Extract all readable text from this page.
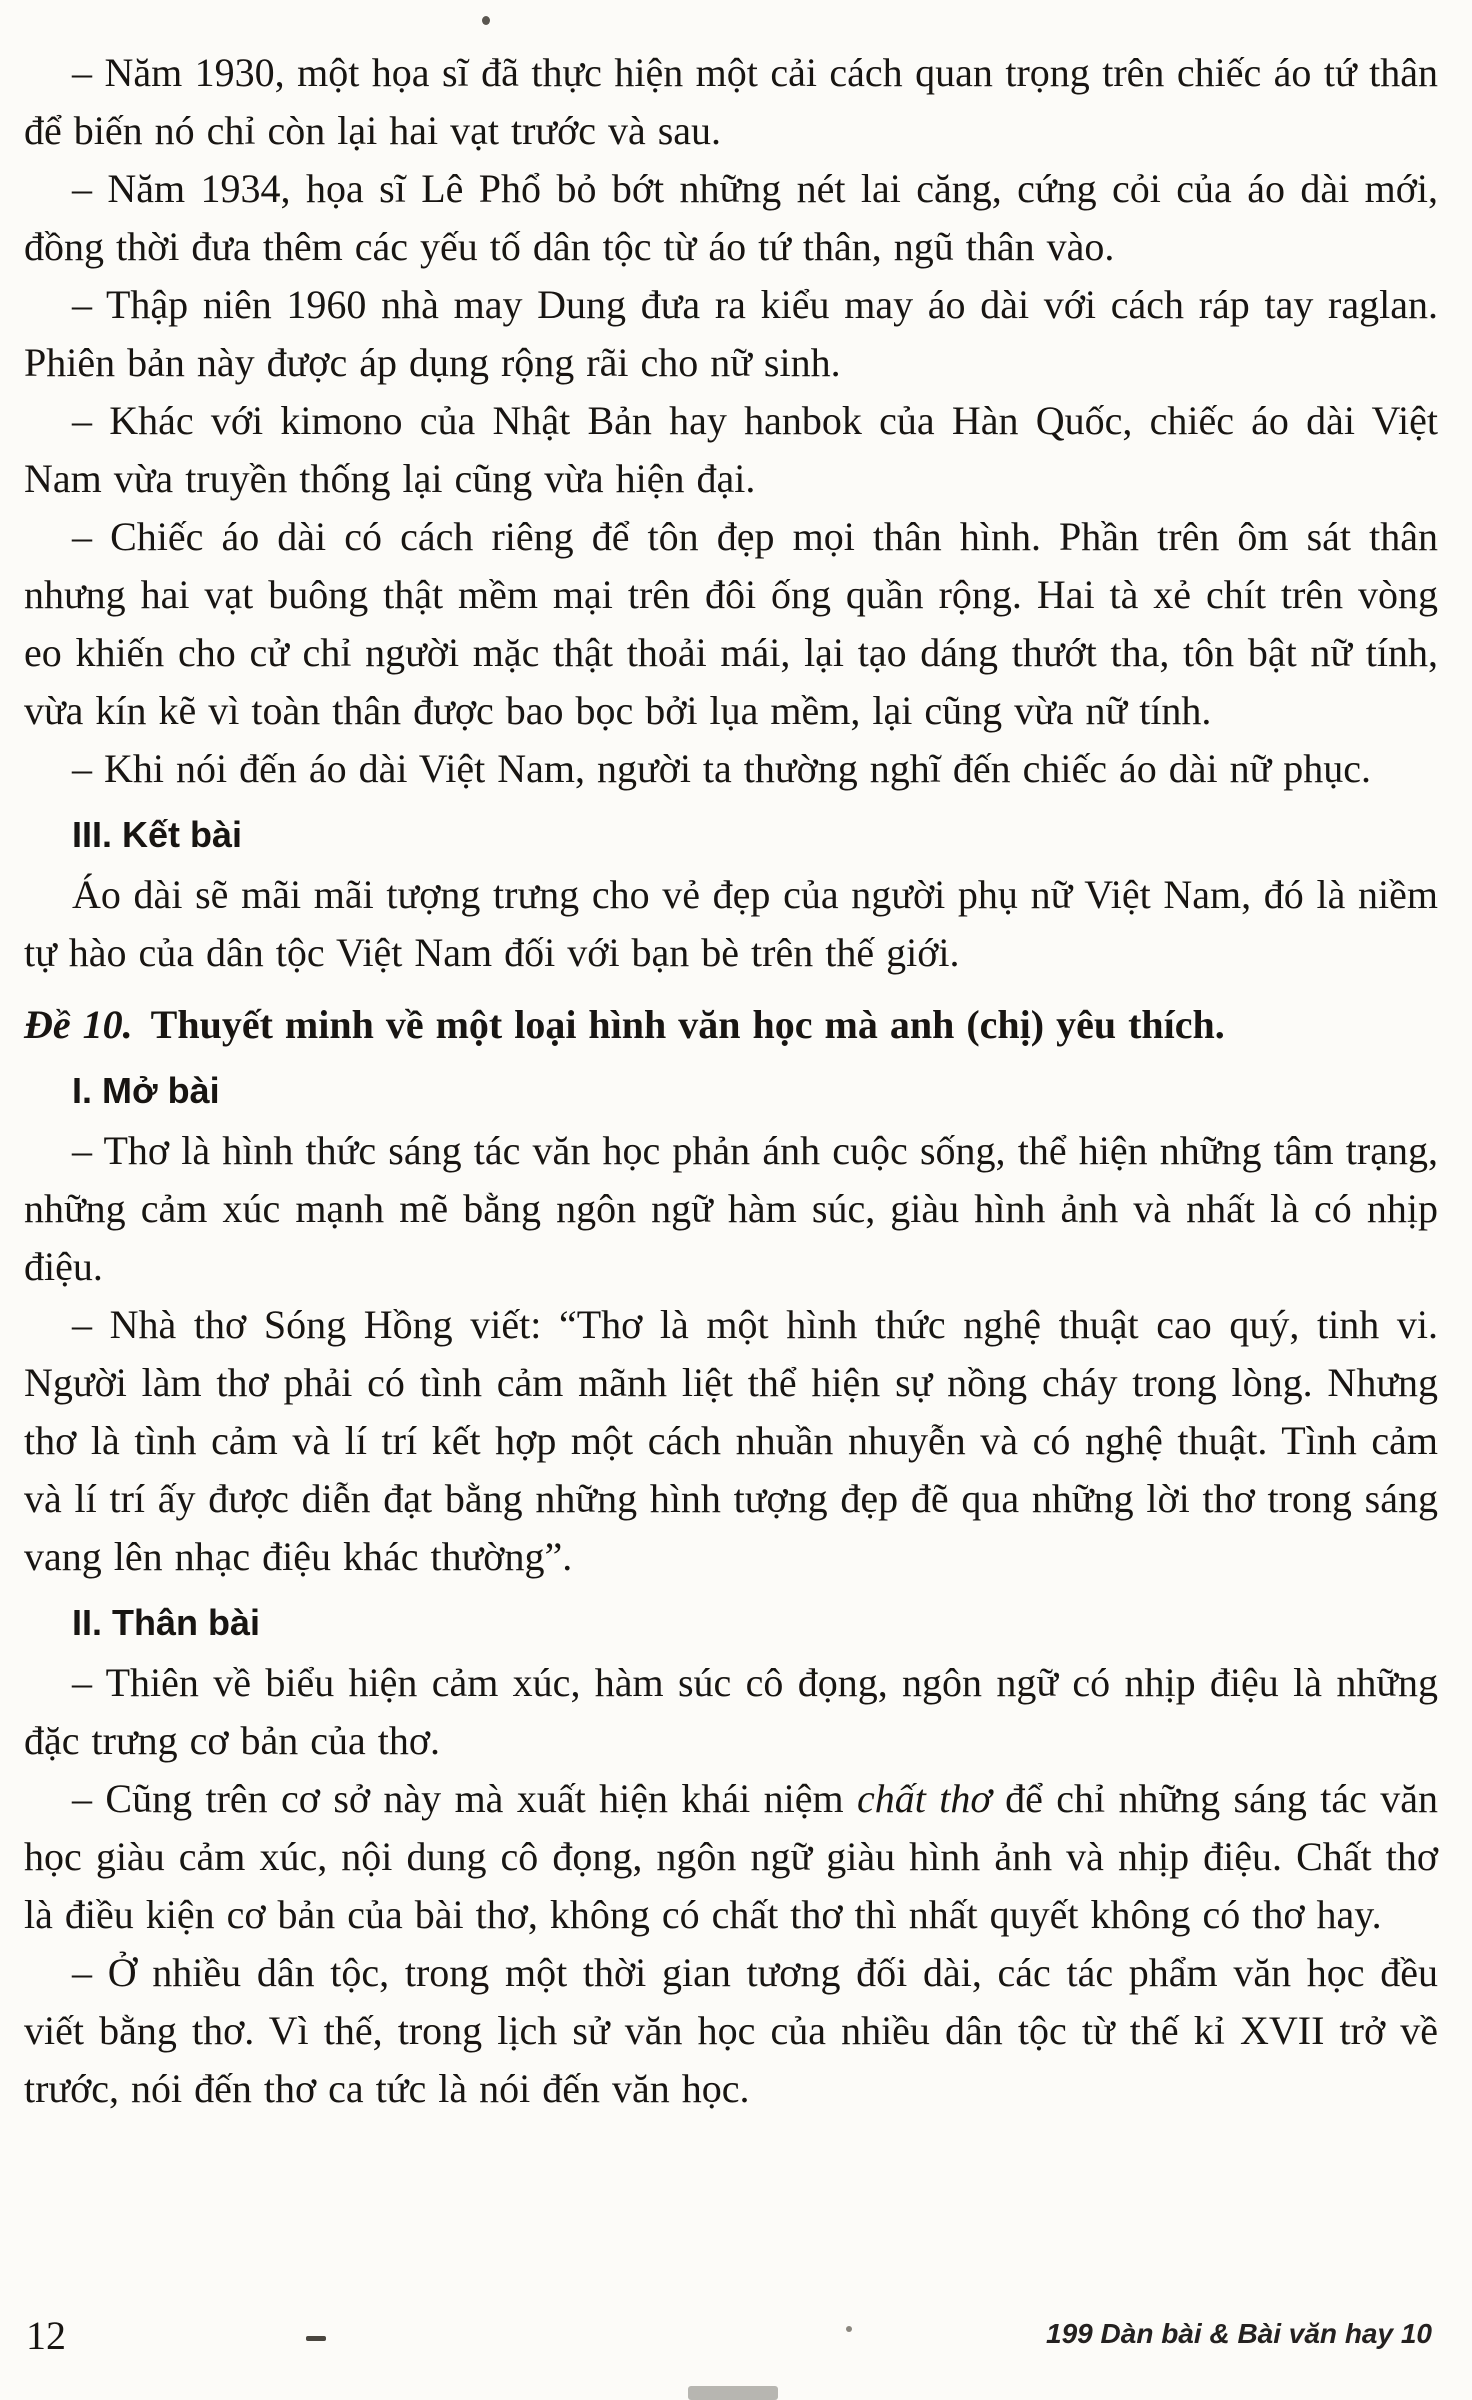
– Năm 1930, một họa sĩ đã thực hiện một cải cách quan trọng trên chiếc áo tứ thân để biến nó chỉ còn lại hai vạt trước và sau.

– Năm 1934, họa sĩ Lê Phổ bỏ bớt những nét lai căng, cứng cỏi của áo dài mới, đồng thời đưa thêm các yếu tố dân tộc từ áo tứ thân, ngũ thân vào.

– Thập niên 1960 nhà may Dung đưa ra kiểu may áo dài với cách ráp tay raglan. Phiên bản này được áp dụng rộng rãi cho nữ sinh.

– Khác với kimono của Nhật Bản hay hanbok của Hàn Quốc, chiếc áo dài Việt Nam vừa truyền thống lại cũng vừa hiện đại.

– Chiếc áo dài có cách riêng để tôn đẹp mọi thân hình. Phần trên ôm sát thân nhưng hai vạt buông thật mềm mại trên đôi ống quần rộng. Hai tà xẻ chít trên vòng eo khiến cho cử chỉ người mặc thật thoải mái, lại tạo dáng thướt tha, tôn bật nữ tính, vừa kín kẽ vì toàn thân được bao bọc bởi lụa mềm, lại cũng vừa nữ tính.

– Khi nói đến áo dài Việt Nam, người ta thường nghĩ đến chiếc áo dài nữ phục.

III. Kết bài

Áo dài sẽ mãi mãi tượng trưng cho vẻ đẹp của người phụ nữ Việt Nam, đó là niềm tự hào của dân tộc Việt Nam đối với bạn bè trên thế giới.

Đề 10. Thuyết minh về một loại hình văn học mà anh (chị) yêu thích.

I. Mở bài

– Thơ là hình thức sáng tác văn học phản ánh cuộc sống, thể hiện những tâm trạng, những cảm xúc mạnh mẽ bằng ngôn ngữ hàm súc, giàu hình ảnh và nhất là có nhịp điệu.

– Nhà thơ Sóng Hồng viết: “Thơ là một hình thức nghệ thuật cao quý, tinh vi. Người làm thơ phải có tình cảm mãnh liệt thể hiện sự nồng cháy trong lòng. Nhưng thơ là tình cảm và lí trí kết hợp một cách nhuần nhuyễn và có nghệ thuật. Tình cảm và lí trí ấy được diễn đạt bằng những hình tượng đẹp đẽ qua những lời thơ trong sáng vang lên nhạc điệu khác thường”.

II. Thân bài

– Thiên về biểu hiện cảm xúc, hàm súc cô đọng, ngôn ngữ có nhịp điệu là những đặc trưng cơ bản của thơ.

– Cũng trên cơ sở này mà xuất hiện khái niệm chất thơ để chỉ những sáng tác văn học giàu cảm xúc, nội dung cô đọng, ngôn ngữ giàu hình ảnh và nhịp điệu. Chất thơ là điều kiện cơ bản của bài thơ, không có chất thơ thì nhất quyết không có thơ hay.

– Ở nhiều dân tộc, trong một thời gian tương đối dài, các tác phẩm văn học đều viết bằng thơ. Vì thế, trong lịch sử văn học của nhiều dân tộc từ thế kỉ XVII trở về trước, nói đến thơ ca tức là nói đến văn học.

12	199 Dàn bài & Bài văn hay 10
